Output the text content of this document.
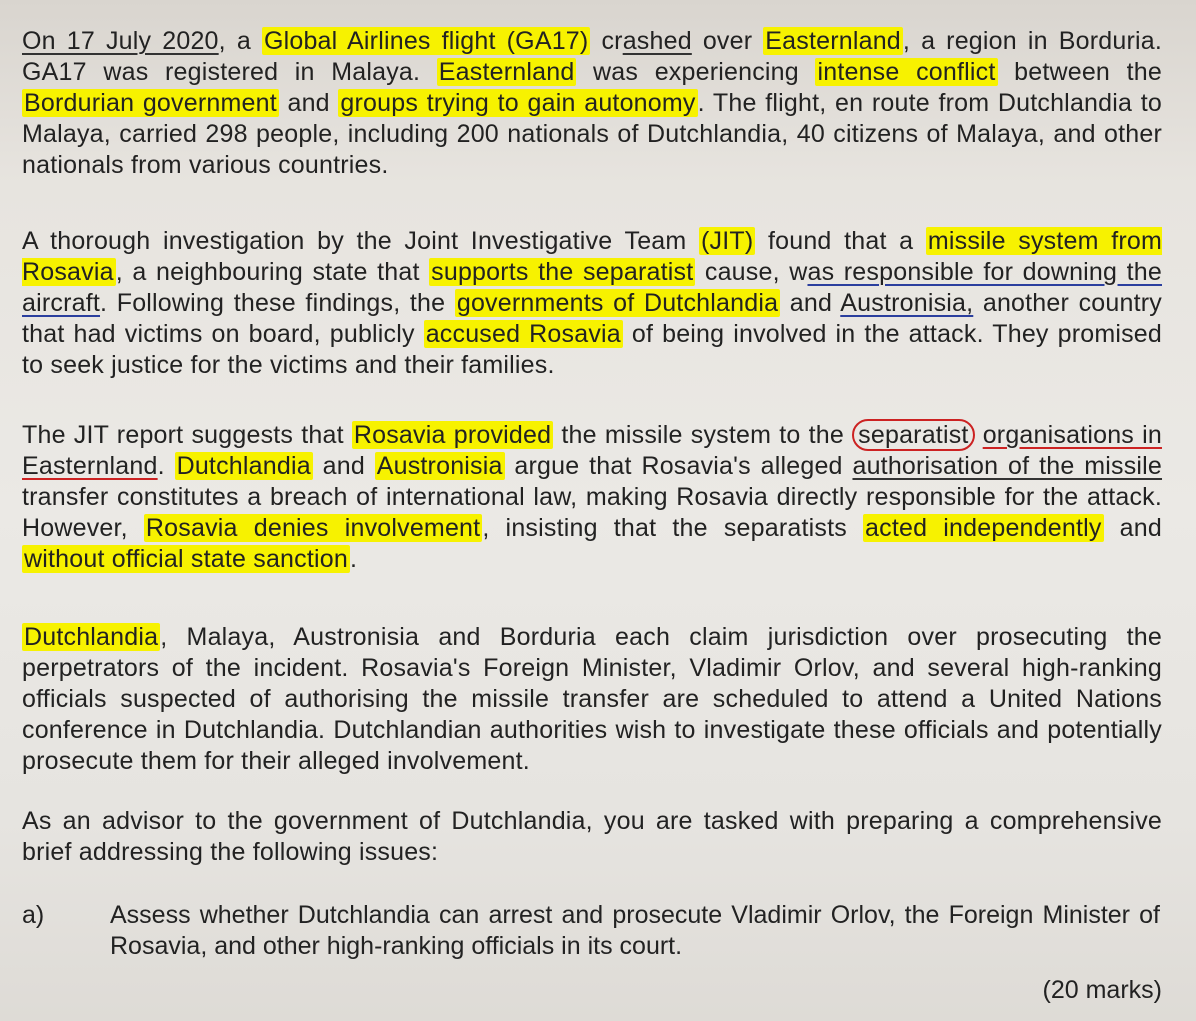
On 17 July 2020, a Global Airlines flight (GA17) crashed over Easternland, a region in Borduria. GA17 was registered in Malaya. Easternland was experiencing intense conflict between the Bordurian government and groups trying to gain autonomy. The flight, en route from Dutchlandia to Malaya, carried 298 people, including 200 nationals of Dutchlandia, 40 citizens of Malaya, and other nationals from various countries.
A thorough investigation by the Joint Investigative Team (JIT) found that a missile system from Rosavia, a neighbouring state that supports the separatist cause, was responsible for downing the aircraft. Following these findings, the governments of Dutchlandia and Austronisia, another country that had victims on board, publicly accused Rosavia of being involved in the attack. They promised to seek justice for the victims and their families.
The JIT report suggests that Rosavia provided the missile system to the separatist organisations in Easternland. Dutchlandia and Austronisia argue that Rosavia's alleged authorisation of the missile transfer constitutes a breach of international law, making Rosavia directly responsible for the attack. However, Rosavia denies involvement, insisting that the separatists acted independently and without official state sanction.
Dutchlandia, Malaya, Austronisia and Borduria each claim jurisdiction over prosecuting the perpetrators of the incident. Rosavia's Foreign Minister, Vladimir Orlov, and several high-ranking officials suspected of authorising the missile transfer are scheduled to attend a United Nations conference in Dutchlandia. Dutchlandian authorities wish to investigate these officials and potentially prosecute them for their alleged involvement.
As an advisor to the government of Dutchlandia, you are tasked with preparing a comprehensive brief addressing the following issues:
a)	Assess whether Dutchlandia can arrest and prosecute Vladimir Orlov, the Foreign Minister of Rosavia, and other high-ranking officials in its court.
(20 marks)
